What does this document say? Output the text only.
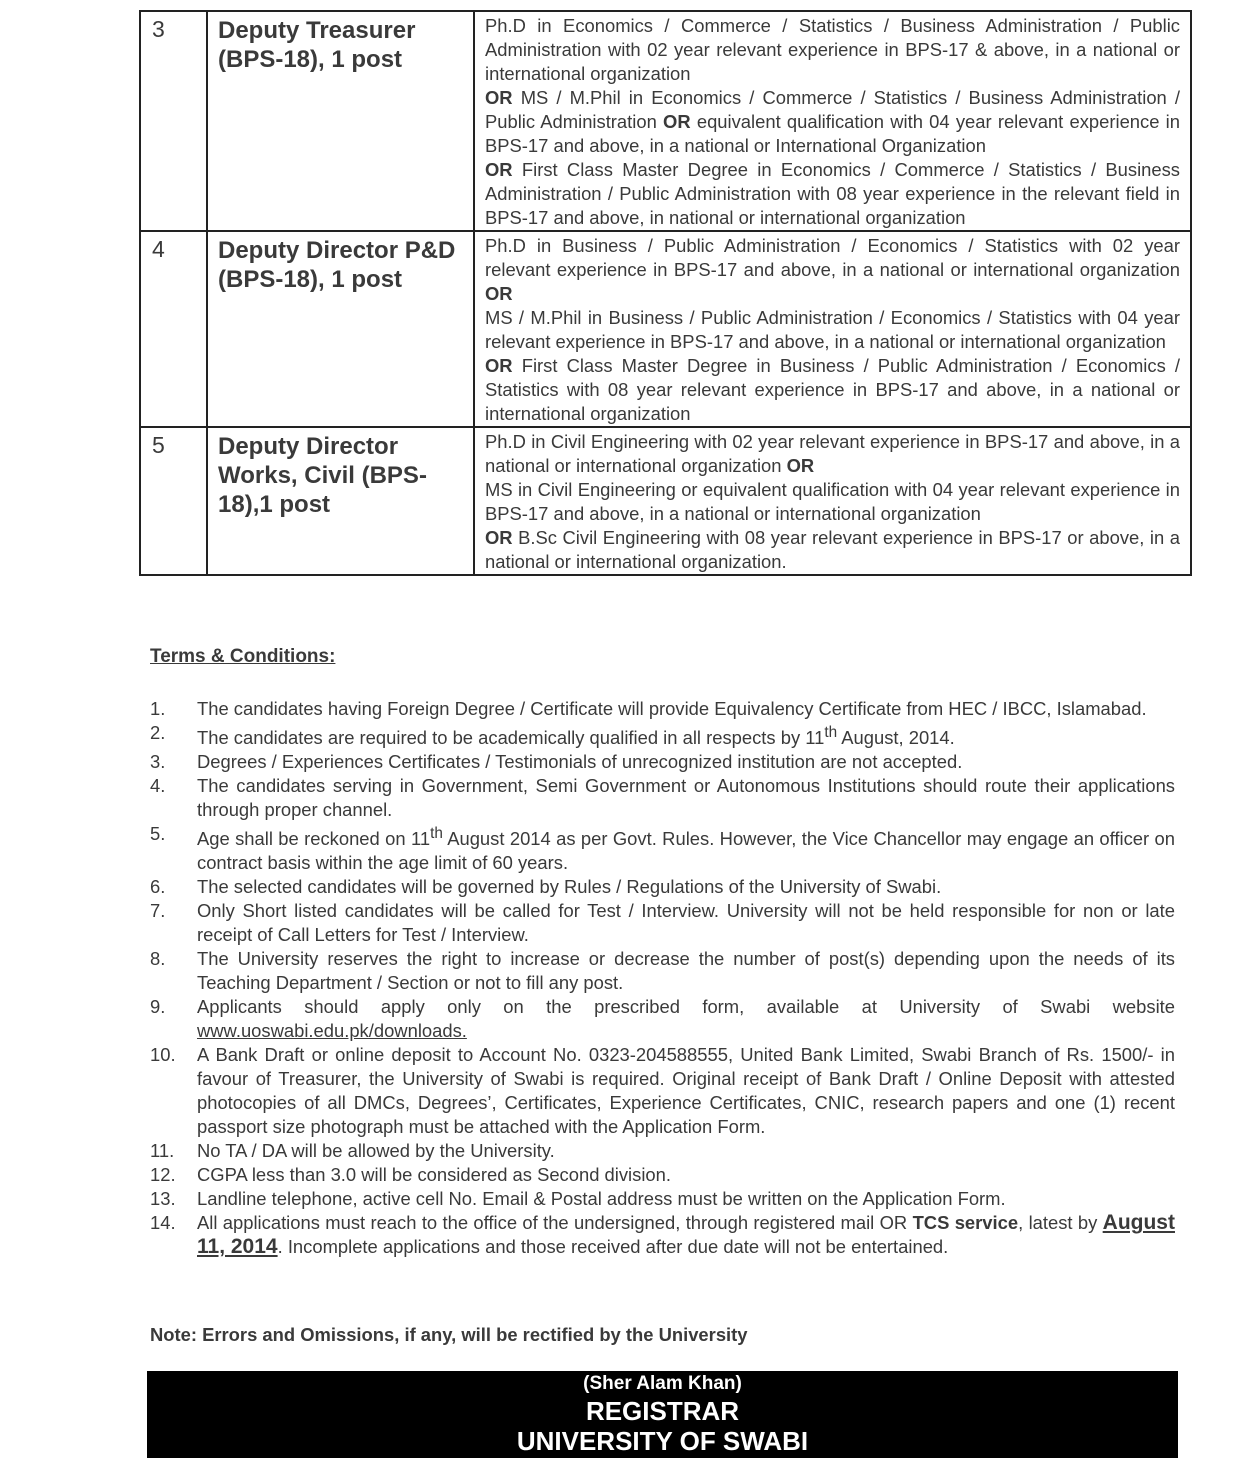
3	Deputy Treasurer (BPS-18), 1 post	Ph.D in Economics / Commerce / Statistics / Business Administration / Public Administration with 02 year relevant experience in BPS-17 & above, in a national or international organization

OR MS / M.Phil in Economics / Commerce / Statistics / Business Administration / Public Administration OR equivalent qualification with 04 year relevant experience in BPS-17 and above, in a national or International Organization

OR First Class Master Degree in Economics / Commerce / Statistics / Business Administration / Public Administration with 08 year experience in the relevant field in BPS-17 and above, in national or international organization

4	Deputy Director P&D (BPS-18), 1 post	Ph.D in Business / Public Administration / Economics / Statistics with 02 year relevant experience in BPS-17 and above, in a national or international organization OR

MS / M.Phil in Business / Public Administration / Economics / Statistics with 04 year relevant experience in BPS-17 and above, in a national or international organization

OR First Class Master Degree in Business / Public Administration / Economics / Statistics with 08 year relevant experience in BPS-17 and above, in a national or international organization

5	Deputy Director Works, Civil (BPS-18),1 post	Ph.D in Civil Engineering with 02 year relevant experience in BPS-17 and above, in a national or international organization OR

MS in Civil Engineering or equivalent qualification with 04 year relevant experience in BPS-17 and above, in a national or international organization

OR B.Sc Civil Engineering with 08 year relevant experience in BPS-17 or above, in a national or international organization.

Terms & Conditions:

1.	The candidates having Foreign Degree / Certificate will provide Equivalency Certificate from HEC / IBCC, Islamabad.
2.	The candidates are required to be academically qualified in all respects by 11th August, 2014.
3.	Degrees / Experiences Certificates / Testimonials of unrecognized institution are not accepted.
4.	The candidates serving in Government, Semi Government or Autonomous Institutions should route their applications through proper channel.
5.	Age shall be reckoned on 11th August 2014 as per Govt. Rules. However, the Vice Chancellor may engage an officer on contract basis within the age limit of 60 years.
6.	The selected candidates will be governed by Rules / Regulations of the University of Swabi.
7.	Only Short listed candidates will be called for Test / Interview. University will not be held responsible for non or late receipt of Call Letters for Test / Interview.
8.	The University reserves the right to increase or decrease the number of post(s) depending upon the needs of its Teaching Department / Section or not to fill any post.
9.	Applicants should apply only on the prescribed form, available at University of Swabi website www.uoswabi.edu.pk/downloads.
10.	A Bank Draft or online deposit to Account No. 0323-204588555, United Bank Limited, Swabi Branch of Rs. 1500/- in favour of Treasurer, the University of Swabi is required. Original receipt of Bank Draft / Online Deposit with attested photocopies of all DMCs, Degrees’, Certificates, Experience Certificates, CNIC, research papers and one (1) recent passport size photograph must be attached with the Application Form.
11.	No TA / DA will be allowed by the University.
12.	CGPA less than 3.0 will be considered as Second division.
13.	Landline telephone, active cell No. Email & Postal address must be written on the Application Form.
14.	All applications must reach to the office of the undersigned, through registered mail OR TCS service, latest by August 11, 2014. Incomplete applications and those received after due date will not be entertained.

Note: Errors and Omissions, if any, will be rectified by the University

(Sher Alam Khan)
REGISTRAR
UNIVERSITY OF SWABI
